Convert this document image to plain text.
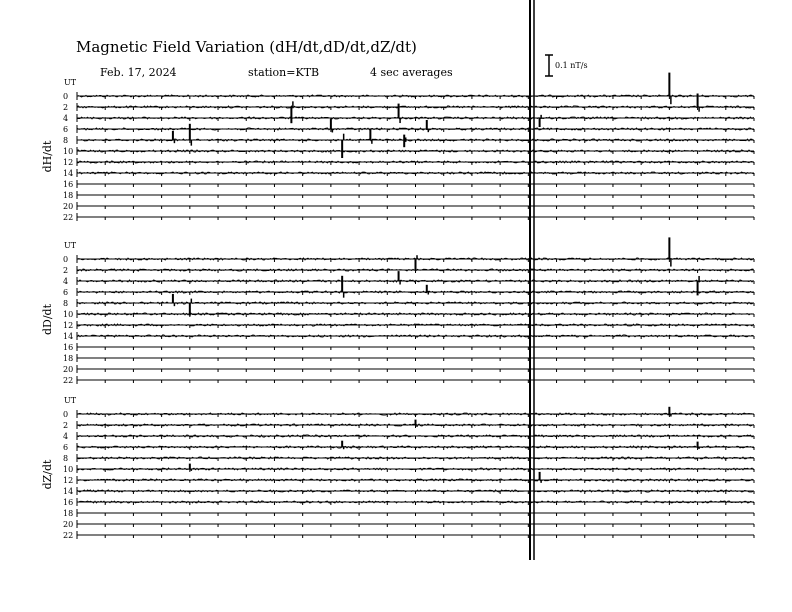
UT
dH/dt
0
2
4
6
8
10
12
14
16
18
20
22
UT
dD/dt
0
2
4
6
8
10
12
14
16
18
20
22
UT
dZ/dt
0
2
4
6
8
10
12
14
16
18
20
22
Magnetic Field Variation (dH/dt,dD/dt,dZ/dt)
Feb. 17, 2024	station=KTB	4 sec averages
0.1 nT/s
